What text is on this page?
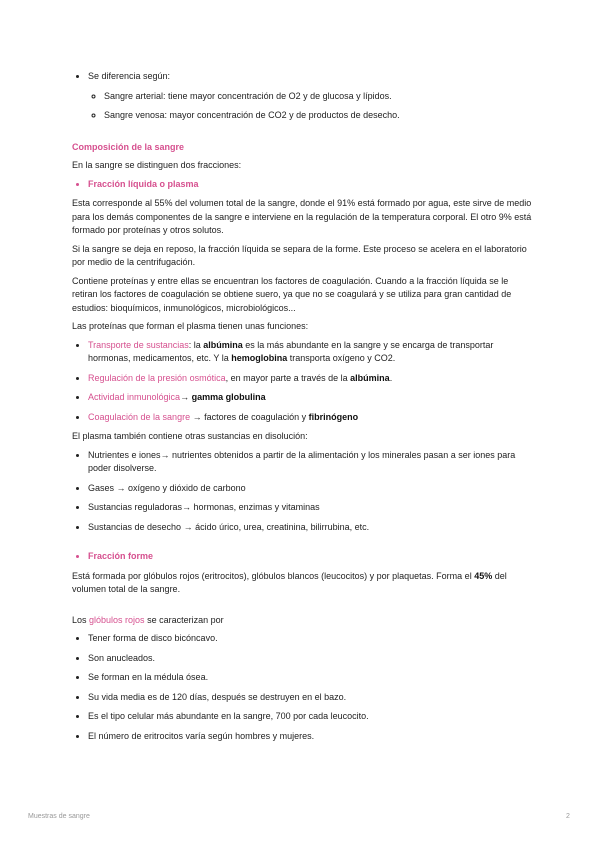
• Se diferencia según:
◦ Sangre arterial: tiene mayor concentración de O2 y de glucosa y lípidos.
◦ Sangre venosa: mayor concentración de CO2 y de productos de desecho.

Composición de la sangre

En la sangre se distinguen dos fracciones:

• Fracción líquida o plasma

Esta corresponde al 55% del volumen total de la sangre, donde el 91% está formado por agua, este sirve de medio para los demás componentes de la sangre e interviene en la regulación de la temperatura corporal. El otro 9% está formado por proteínas y otros solutos.

Si la sangre se deja en reposo, la fracción líquida se separa de la forme. Este proceso se acelera en el laboratorio por medio de la centrifugación.

Contiene proteínas y entre ellas se encuentran los factores de coagulación. Cuando a la fracción líquida se le retiran los factores de coagulación se obtiene suero, ya que no se coagulará y se utiliza para gran cantidad de estudios: bioquímicos, inmunológicos, microbiológicos...

Las proteínas que forman el plasma tienen unas funciones:

• Transporte de sustancias: la albúmina es la más abundante en la sangre y se encarga de transportar hormonas, medicamentos, etc. Y la hemoglobina transporta oxígeno y CO2.
• Regulación de la presión osmótica, en mayor parte a través de la albúmina.
• Actividad inmunológica→ gamma globulina
• Coagulación de la sangre → factores de coagulación y fibrinógeno

El plasma también contiene otras sustancias en disolución:

• Nutrientes e iones→ nutrientes obtenidos a partir de la alimentación y los minerales pasan a ser iones para poder disolverse.
• Gases → oxígeno y dióxido de carbono
• Sustancias reguladoras→ hormonas, enzimas y vitaminas
• Sustancias de desecho → ácido úrico, urea, creatinina, bilirrubina, etc.
• Fracción forme

Está formada por glóbulos rojos (eritrocitos), glóbulos blancos (leucocitos) y por plaquetas. Forma el 45% del volumen total de la sangre.

Los glóbulos rojos se caracterizan por

• Tener forma de disco bicóncavo.
• Son anucleados.
• Se forman en la médula ósea.
• Su vida media es de 120 días, después se destruyen en el bazo.
• Es el tipo celular más abundante en la sangre, 700 por cada leucocito.
• El número de eritrocitos varía según hombres y mujeres.
Muestras de sangre	2
